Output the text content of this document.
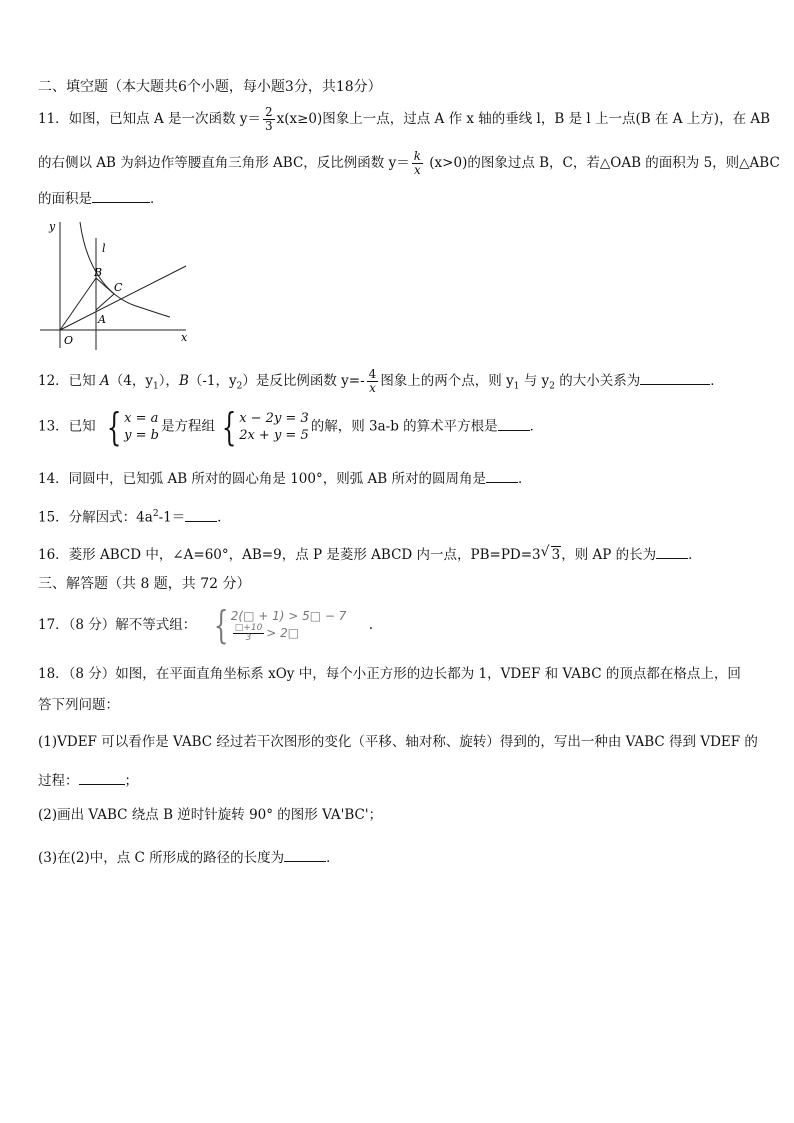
二、填空题（本大题共6个小题，每小题3分，共18分）
11．如图，已知点 A 是一次函数 $y= \frac{2}{3} x(x\ge 0)$图象上一点，过点 A 作 x 轴的垂线 l，B 是 l 上一点(B 在 A 上方)，在 AB
的右侧以 AB 为斜边作等腰直角三角形 ABC，反比例函数 $y= \frac{k}{x} (x>0)$的图象过点 B，C，若△OAB 的面积为 5，则△ABC
的面积是	．
y
x
O
l
B
C
A
12．已知 A（4，$y_1$），B（-1，$y_2$）是反比例函数 $y=- \frac{4}{x}$ 图象上的两个点，则 $y_1$ 与 $y_2$ 的大小关系为	．
13．已知 { x = a
y = b
是方程组 { x − 2y = 3
2x + y = 5
的解，则 3a-b 的算术平方根是 ．
14．同圆中，已知弧 AB 所对的圆心角是 100°，则弧 AB 所对的圆周角是 ．
15．分解因式：$4a^2-1=$ ．
16．菱形 ABCD 中，∠A=60°，AB=9，点 P 是菱形 ABCD 内一点，PB=PD=3 √ 3，则 AP 的长为 ．
三、解答题（共 8 题，共 72 分）
17．（8 分）解不等式组： { 2(□ + 1) > 5□ − 7
$\frac{□+10}{3}$ > 2□	.
18．（8 分）如图，在平面直角坐标系 xOy 中，每个小正方形的边长都为 1，VDEF 和 VABC 的顶点都在格点上，回
答下列问题：
(1)VDEF 可以看作是 VABC 经过若干次图形的变化（平移、轴对称、旋转）得到的，写出一种由 VABC 得到 VDEF 的
过程：	；
(2)画出 VABC 绕点 B 逆时针旋转 90° 的图形 VA'BC'；
(3)在(2)中，点 C 所形成的路径的长度为	．
